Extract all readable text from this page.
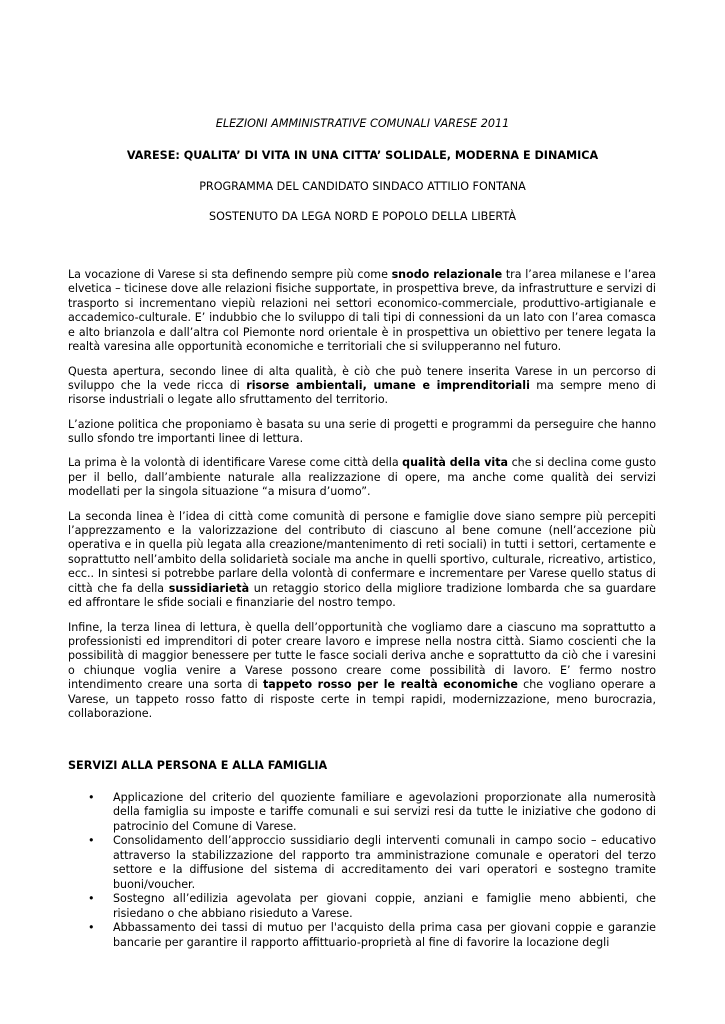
ELEZIONI AMMINISTRATIVE COMUNALI VARESE 2011
VARESE: QUALITA’ DI VITA IN UNA CITTA’ SOLIDALE, MODERNA E DINAMICA
PROGRAMMA DEL CANDIDATO SINDACO ATTILIO FONTANA
SOSTENUTO DA LEGA NORD E POPOLO DELLA LIBERTÀ

La vocazione di Varese si sta definendo sempre più come snodo relazionale tra l’area milanese e l’area elvetica – ticinese dove alle relazioni fisiche supportate, in prospettiva breve, da infrastrutture e servizi di trasporto si incrementano viepiù relazioni nei settori economico-commerciale, produttivo-artigianale e accademico-culturale. E’ indubbio che lo sviluppo di tali tipi di connessioni da un lato con l’area comasca e alto brianzola e dall’altra col Piemonte nord orientale è in prospettiva un obiettivo per tenere legata la realtà varesina alle opportunità economiche e territoriali che si svilupperanno nel futuro.

Questa apertura, secondo linee di alta qualità, è ciò che può tenere inserita Varese in un percorso di sviluppo che la vede ricca di risorse ambientali, umane e imprenditoriali ma sempre meno di risorse industriali o legate allo sfruttamento del territorio.

L’azione politica che proponiamo è basata su una serie di progetti e programmi da perseguire che hanno sullo sfondo tre importanti linee di lettura.

La prima è la volontà di identificare Varese come città della qualità della vita che si declina come gusto per il bello, dall’ambiente naturale alla realizzazione di opere, ma anche come qualità dei servizi modellati per la singola situazione “a misura d’uomo”.

La seconda linea è l’idea di città come comunità di persone e famiglie dove siano sempre più percepiti l’apprezzamento e la valorizzazione del contributo di ciascuno al bene comune (nell’accezione più operativa e in quella più legata alla creazione/mantenimento di reti sociali) in tutti i settori, certamente e soprattutto nell’ambito della solidarietà sociale ma anche in quelli sportivo, culturale, ricreativo, artistico, ecc.. In sintesi si potrebbe parlare della volontà di confermare e incrementare per Varese quello status di città che fa della sussidiarietà un retaggio storico della migliore tradizione lombarda che sa guardare ed affrontare le sfide sociali e finanziarie del nostro tempo.

Infine, la terza linea di lettura, è quella dell’opportunità che vogliamo dare a ciascuno ma soprattutto a professionisti ed imprenditori di poter creare lavoro e imprese nella nostra città. Siamo coscienti che la possibilità di maggior benessere per tutte le fasce sociali deriva anche e soprattutto da ciò che i varesini o chiunque voglia venire a Varese possono creare come possibilità di lavoro. E’ fermo nostro intendimento creare una sorta di tappeto rosso per le realtà economiche che vogliano operare a Varese, un tappeto rosso fatto di risposte certe in tempi rapidi, modernizzazione, meno burocrazia, collaborazione.

SERVIZI ALLA PERSONA E ALLA FAMIGLIA
• Applicazione del criterio del quoziente familiare e agevolazioni proporzionate alla numerosità della famiglia su imposte e tariffe comunali e sui servizi resi da tutte le iniziative che godono di patrocinio del Comune di Varese.
• Consolidamento dell’approccio sussidiario degli interventi comunali in campo socio – educativo attraverso la stabilizzazione del rapporto tra amministrazione comunale e operatori del terzo settore e la diffusione del sistema di accreditamento dei vari operatori e sostegno tramite buoni/voucher.
• Sostegno all’edilizia agevolata per giovani coppie, anziani e famiglie meno abbienti, che risiedano o che abbiano risieduto a Varese.
• Abbassamento dei tassi di mutuo per l'acquisto della prima casa per giovani coppie e garanzie bancarie per garantire il rapporto affittuario-proprietà al fine di favorire la locazione degli
